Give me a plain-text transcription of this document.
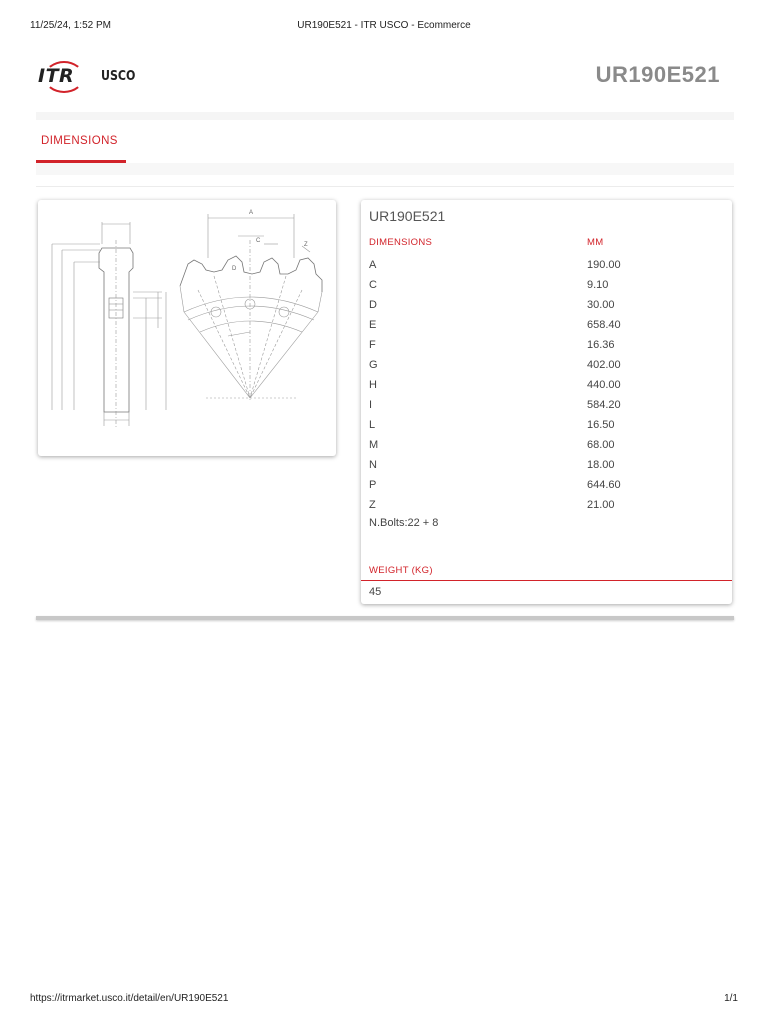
11/25/24, 1:52 PM	UR190E521 - ITR USCO - Ecommerce
ITR USCO	UR190E521
DIMENSIONS
A
C
D
Z
UR190E521
DIMENSIONS	MM
A	190.00
C	9.10
D	30.00
E	658.40
F	16.36
G	402.00
H	440.00
I	584.20
L	16.50
M	68.00
N	18.00
P	644.60
Z	21.00
N.Bolts:22 + 8
WEIGHT (KG)
45
https://itrmarket.usco.it/detail/en/UR190E521	1/1
